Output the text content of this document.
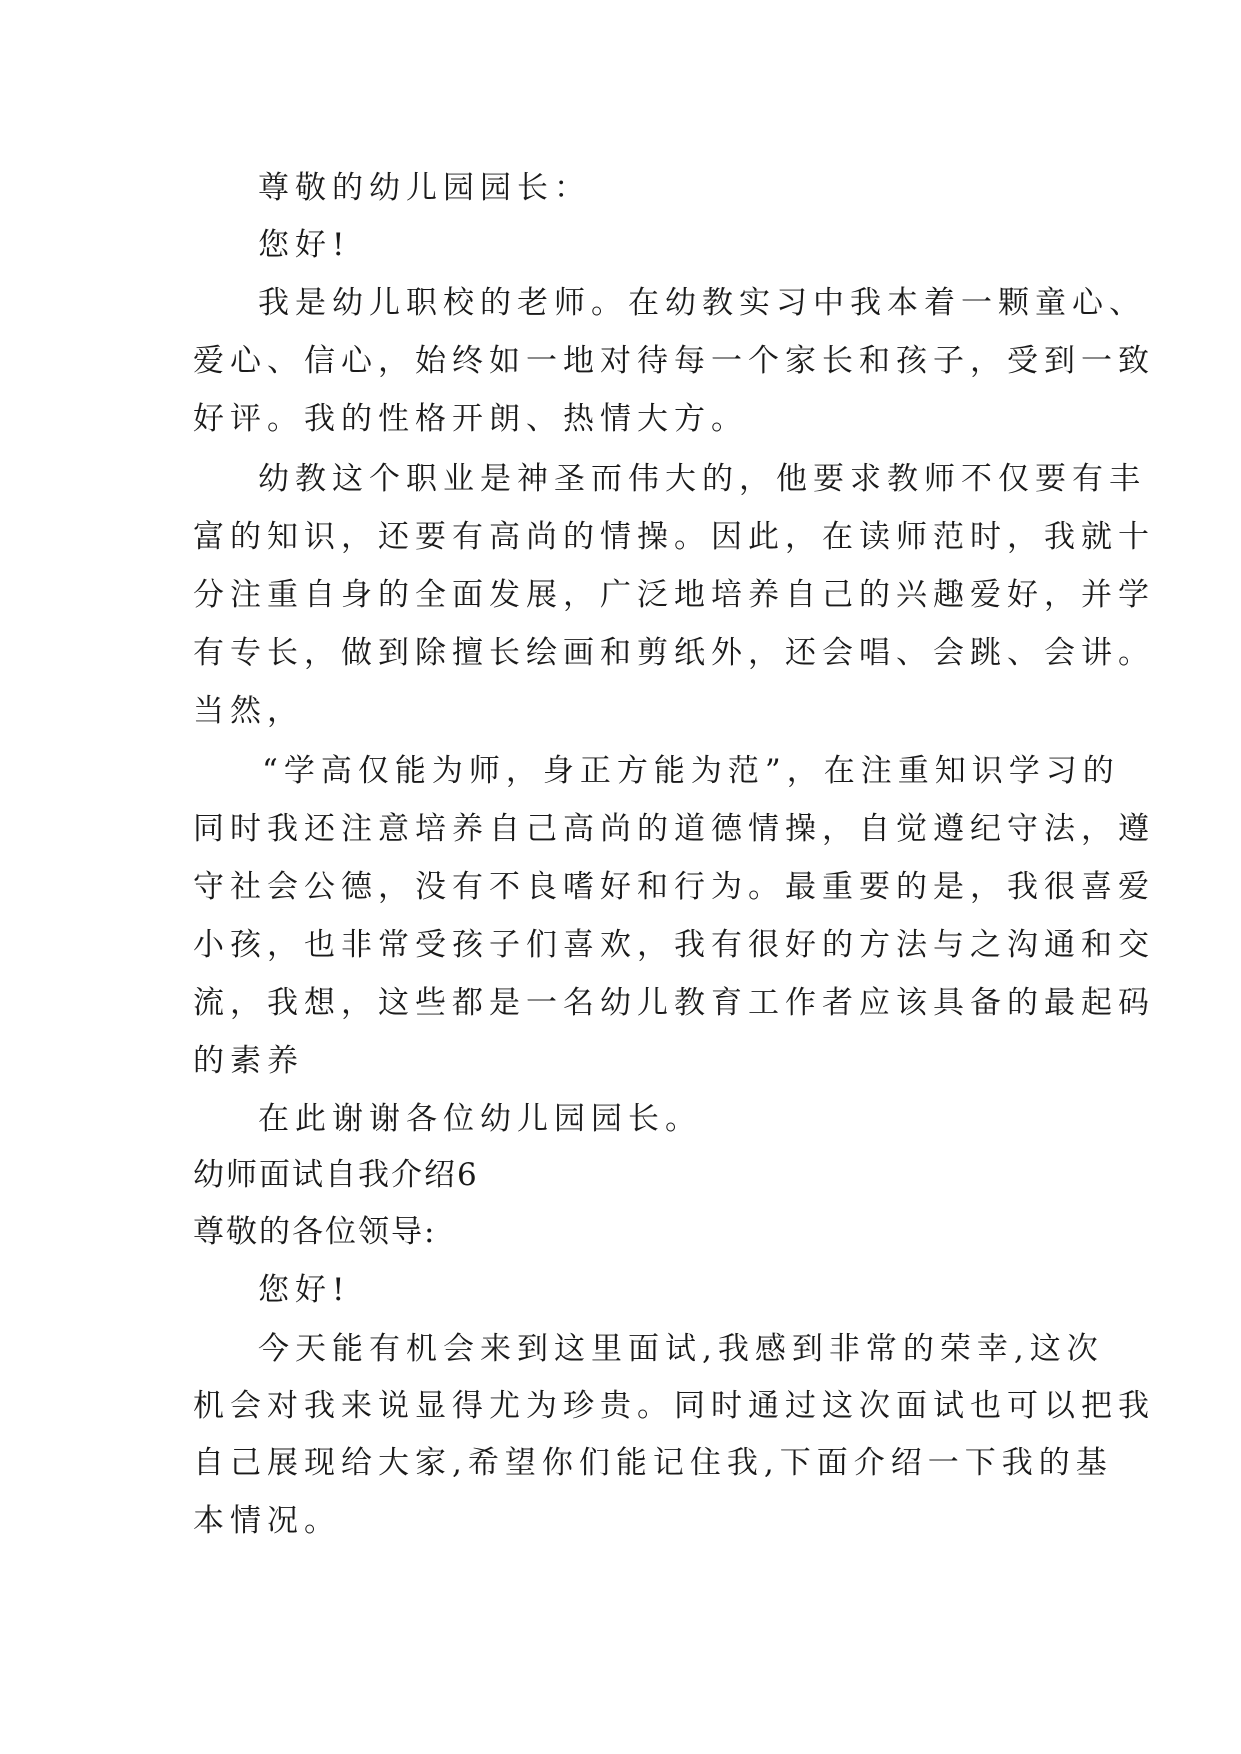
尊敬的幼儿园园长：
您好!
我是幼儿职校的老师。在幼教实习中我本着一颗童心、
爱心、信心，始终如一地对待每一个家长和孩子，受到一致
好评。我的性格开朗、热情大方。
幼教这个职业是神圣而伟大的，他要求教师不仅要有丰
富的知识，还要有高尚的情操。因此，在读师范时，我就十
分注重自身的全面发展，广泛地培养自己的兴趣爱好，并学
有专长，做到除擅长绘画和剪纸外，还会唱、会跳、会讲。
当然，
“学高仅能为师，身正方能为范”，在注重知识学习的
同时我还注意培养自己高尚的道德情操，自觉遵纪守法，遵
守社会公德，没有不良嗜好和行为。最重要的是，我很喜爱
小孩，也非常受孩子们喜欢，我有很好的方法与之沟通和交
流，我想，这些都是一名幼儿教育工作者应该具备的最起码
的素养
在此谢谢各位幼儿园园长。
幼师面试自我介绍6
尊敬的各位领导:
您好!
今天能有机会来到这里面试,我感到非常的荣幸,这次
机会对我来说显得尤为珍贵。同时通过这次面试也可以把我
自己展现给大家,希望你们能记住我,下面介绍一下我的基
本情况。
